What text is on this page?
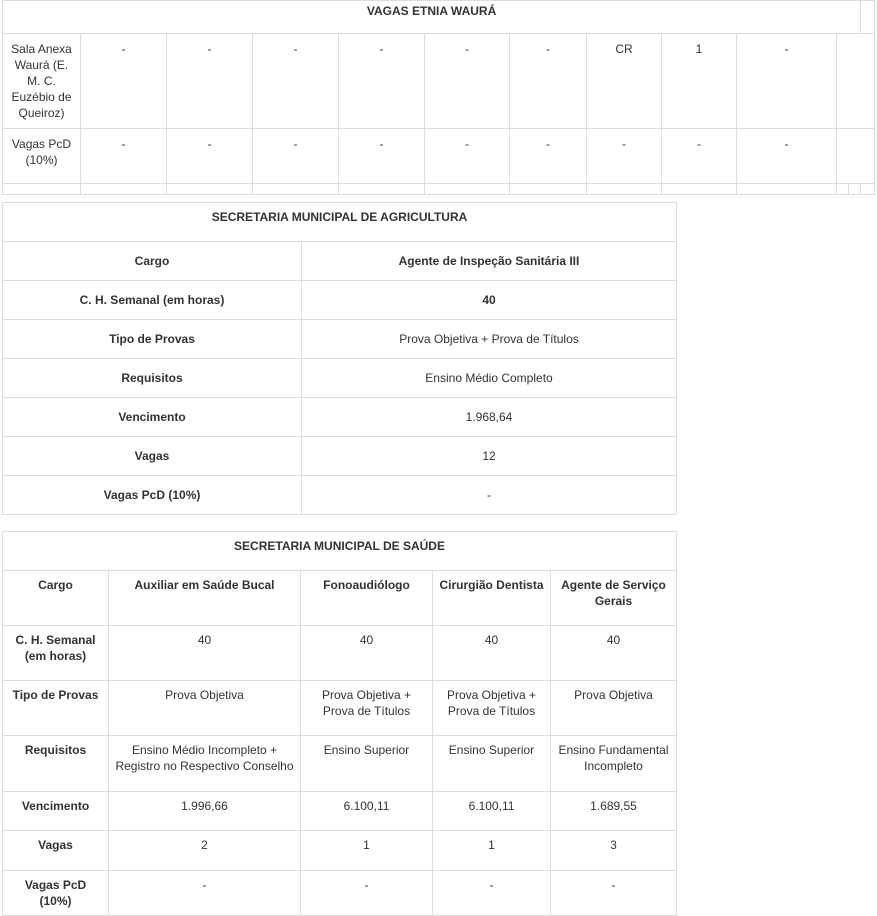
VAGAS ETNIA WAURÁ												
Sala Anexa Waurá (E. M. C. Euzébio de Queiroz)	-	-	-	-	-	-	CR	1	-			
Vagas PcD (10%)	-	-	-	-	-	-	-	-	-			

SECRETARIA MUNICIPAL DE AGRICULTURA	
Cargo	Agente de Inspeção Sanitária III
C. H. Semanal (em horas)	40
Tipo de Provas	Prova Objetiva + Prova de Títulos
Requisitos	Ensino Médio Completo
Vencimento	1.968,64
Vagas	12
Vagas PcD (10%)	-
SECRETARIA MUNICIPAL DE SAÚDE				
Cargo	Auxiliar em Saúde Bucal	Fonoaudiólogo	Cirurgião Dentista	Agente de Serviço Gerais
C. H. Semanal (em horas)	40	40	40	40
Tipo de Provas	Prova Objetiva	Prova Objetiva + Prova de Títulos	Prova Objetiva + Prova de Títulos	Prova Objetiva
Requisitos	Ensino Médio Incompleto + Registro no Respectivo Conselho	Ensino Superior	Ensino Superior	Ensino Fundamental Incompleto
Vencimento	1.996,66	6.100,11	6.100,11	1.689,55
Vagas	2	1	1	3
Vagas PcD (10%)	-	-	-	-
